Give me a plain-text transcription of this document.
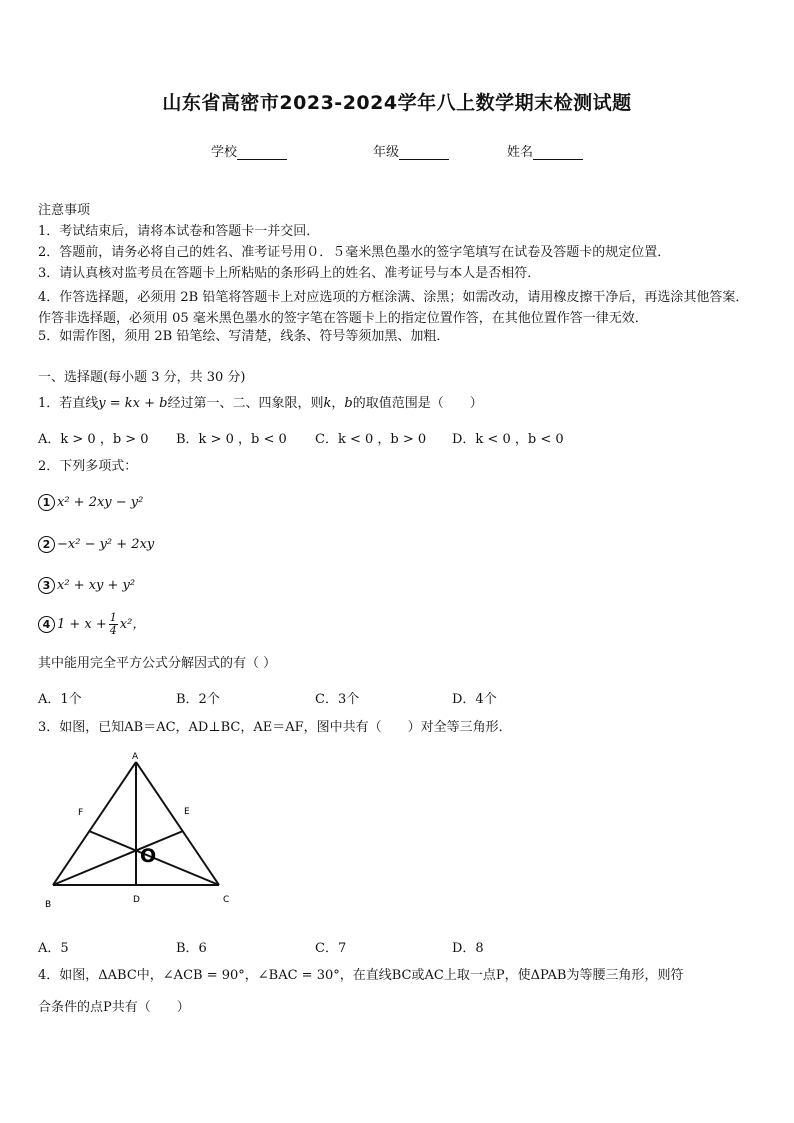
山东省高密市2023-2024学年八上数学期末检测试题
学校	年级	姓名
注意事项
1．考试结束后，请将本试卷和答题卡一并交回．
2．答题前，请务必将自己的姓名、准考证号用０．５毫米黑色墨水的签字笔填写在试卷及答题卡的规定位置．
3．请认真核对监考员在答题卡上所粘贴的条形码上的姓名、准考证号与本人是否相符．
4．作答选择题，必须用 2B 铅笔将答题卡上对应选项的方框涂满、涂黑；如需改动，请用橡皮擦干净后，再选涂其他答案．作答非选择题，必须用 05 毫米黑色墨水的签字笔在答题卡上的指定位置作答，在其他位置作答一律无效．
5．如需作图，须用 2B 铅笔绘、写清楚，线条、符号等须加黑、加粗．
一、选择题(每小题 3 分，共 30 分)
1．若直线y = kx + b经过第一、二、四象限，则k，b的取值范围是（　　）
A．k > 0 ，b > 0 B．k > 0 ，b < 0 C．k < 0 ，b > 0 D．k < 0 ，b < 0
2．下列多项式：
1 x² + 2xy − y²
2 −x² − y² + 2xy
3 x² + xy + y²
4 $1 + x + \frac{1}{4} x^2$，
其中能用完全平方公式分解因式的有（ ）
A．1个	B．2个	C．3个	D．4个
3．如图，已知AB＝AC，AD⊥BC，AE＝AF，图中共有（　　）对全等三角形．
A
F	E
O
B	D	C
A．5	B．6	C．7	D．8
4．如图，ΔABC中，∠ACB = 90°，∠BAC = 30°，在直线BC或AC上取一点P，使ΔPAB为等腰三角形，则符
合条件的点P共有（　　）
